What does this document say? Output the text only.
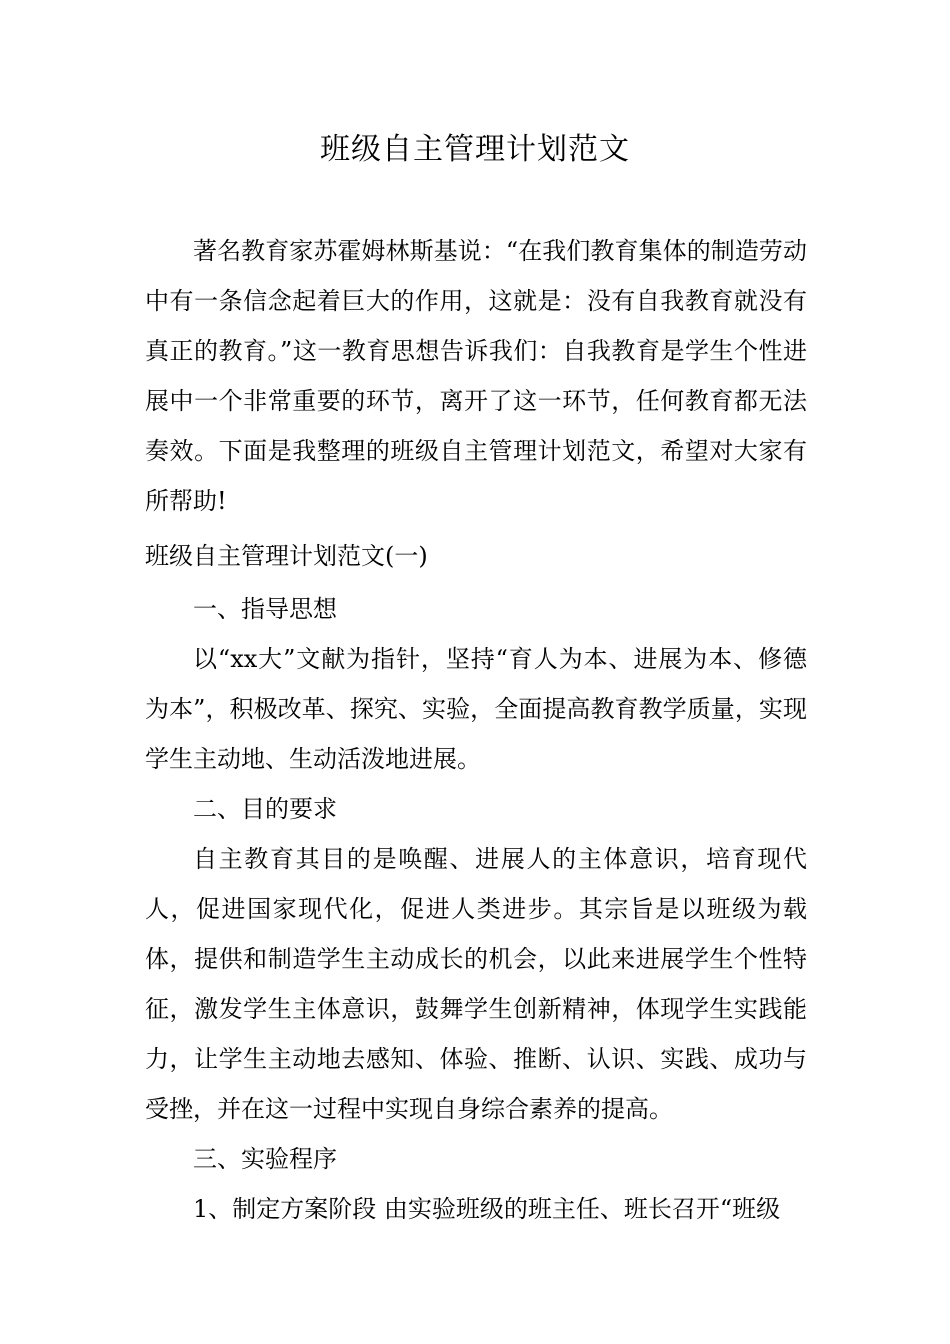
班级自主管理计划范文

著名教育家苏霍姆林斯基说：“在我们教育集体的制造劳动中有一条信念起着巨大的作用，这就是：没有自我教育就没有真正的教育。”这一教育思想告诉我们：自我教育是学生个性进展中一个非常重要的环节，离开了这一环节，任何教育都无法奏效。下面是我整理的班级自主管理计划范文，希望对大家有所帮助!

班级自主管理计划范文(一)

一、指导思想

以“xx大”文献为指针，坚持“育人为本、进展为本、修德为本”，积极改革、探究、实验，全面提高教育教学质量，实现学生主动地、生动活泼地进展。

二、目的要求

自主教育其目的是唤醒、进展人的主体意识，培育现代人，促进国家现代化，促进人类进步。其宗旨是以班级为载体，提供和制造学生主动成长的机会，以此来进展学生个性特征，激发学生主体意识，鼓舞学生创新精神，体现学生实践能力，让学生主动地去感知、体验、推断、认识、实践、成功与受挫，并在这一过程中实现自身综合素养的提高。

三、实验程序

1、制定方案阶段 由实验班级的班主任、班长召开“班级
